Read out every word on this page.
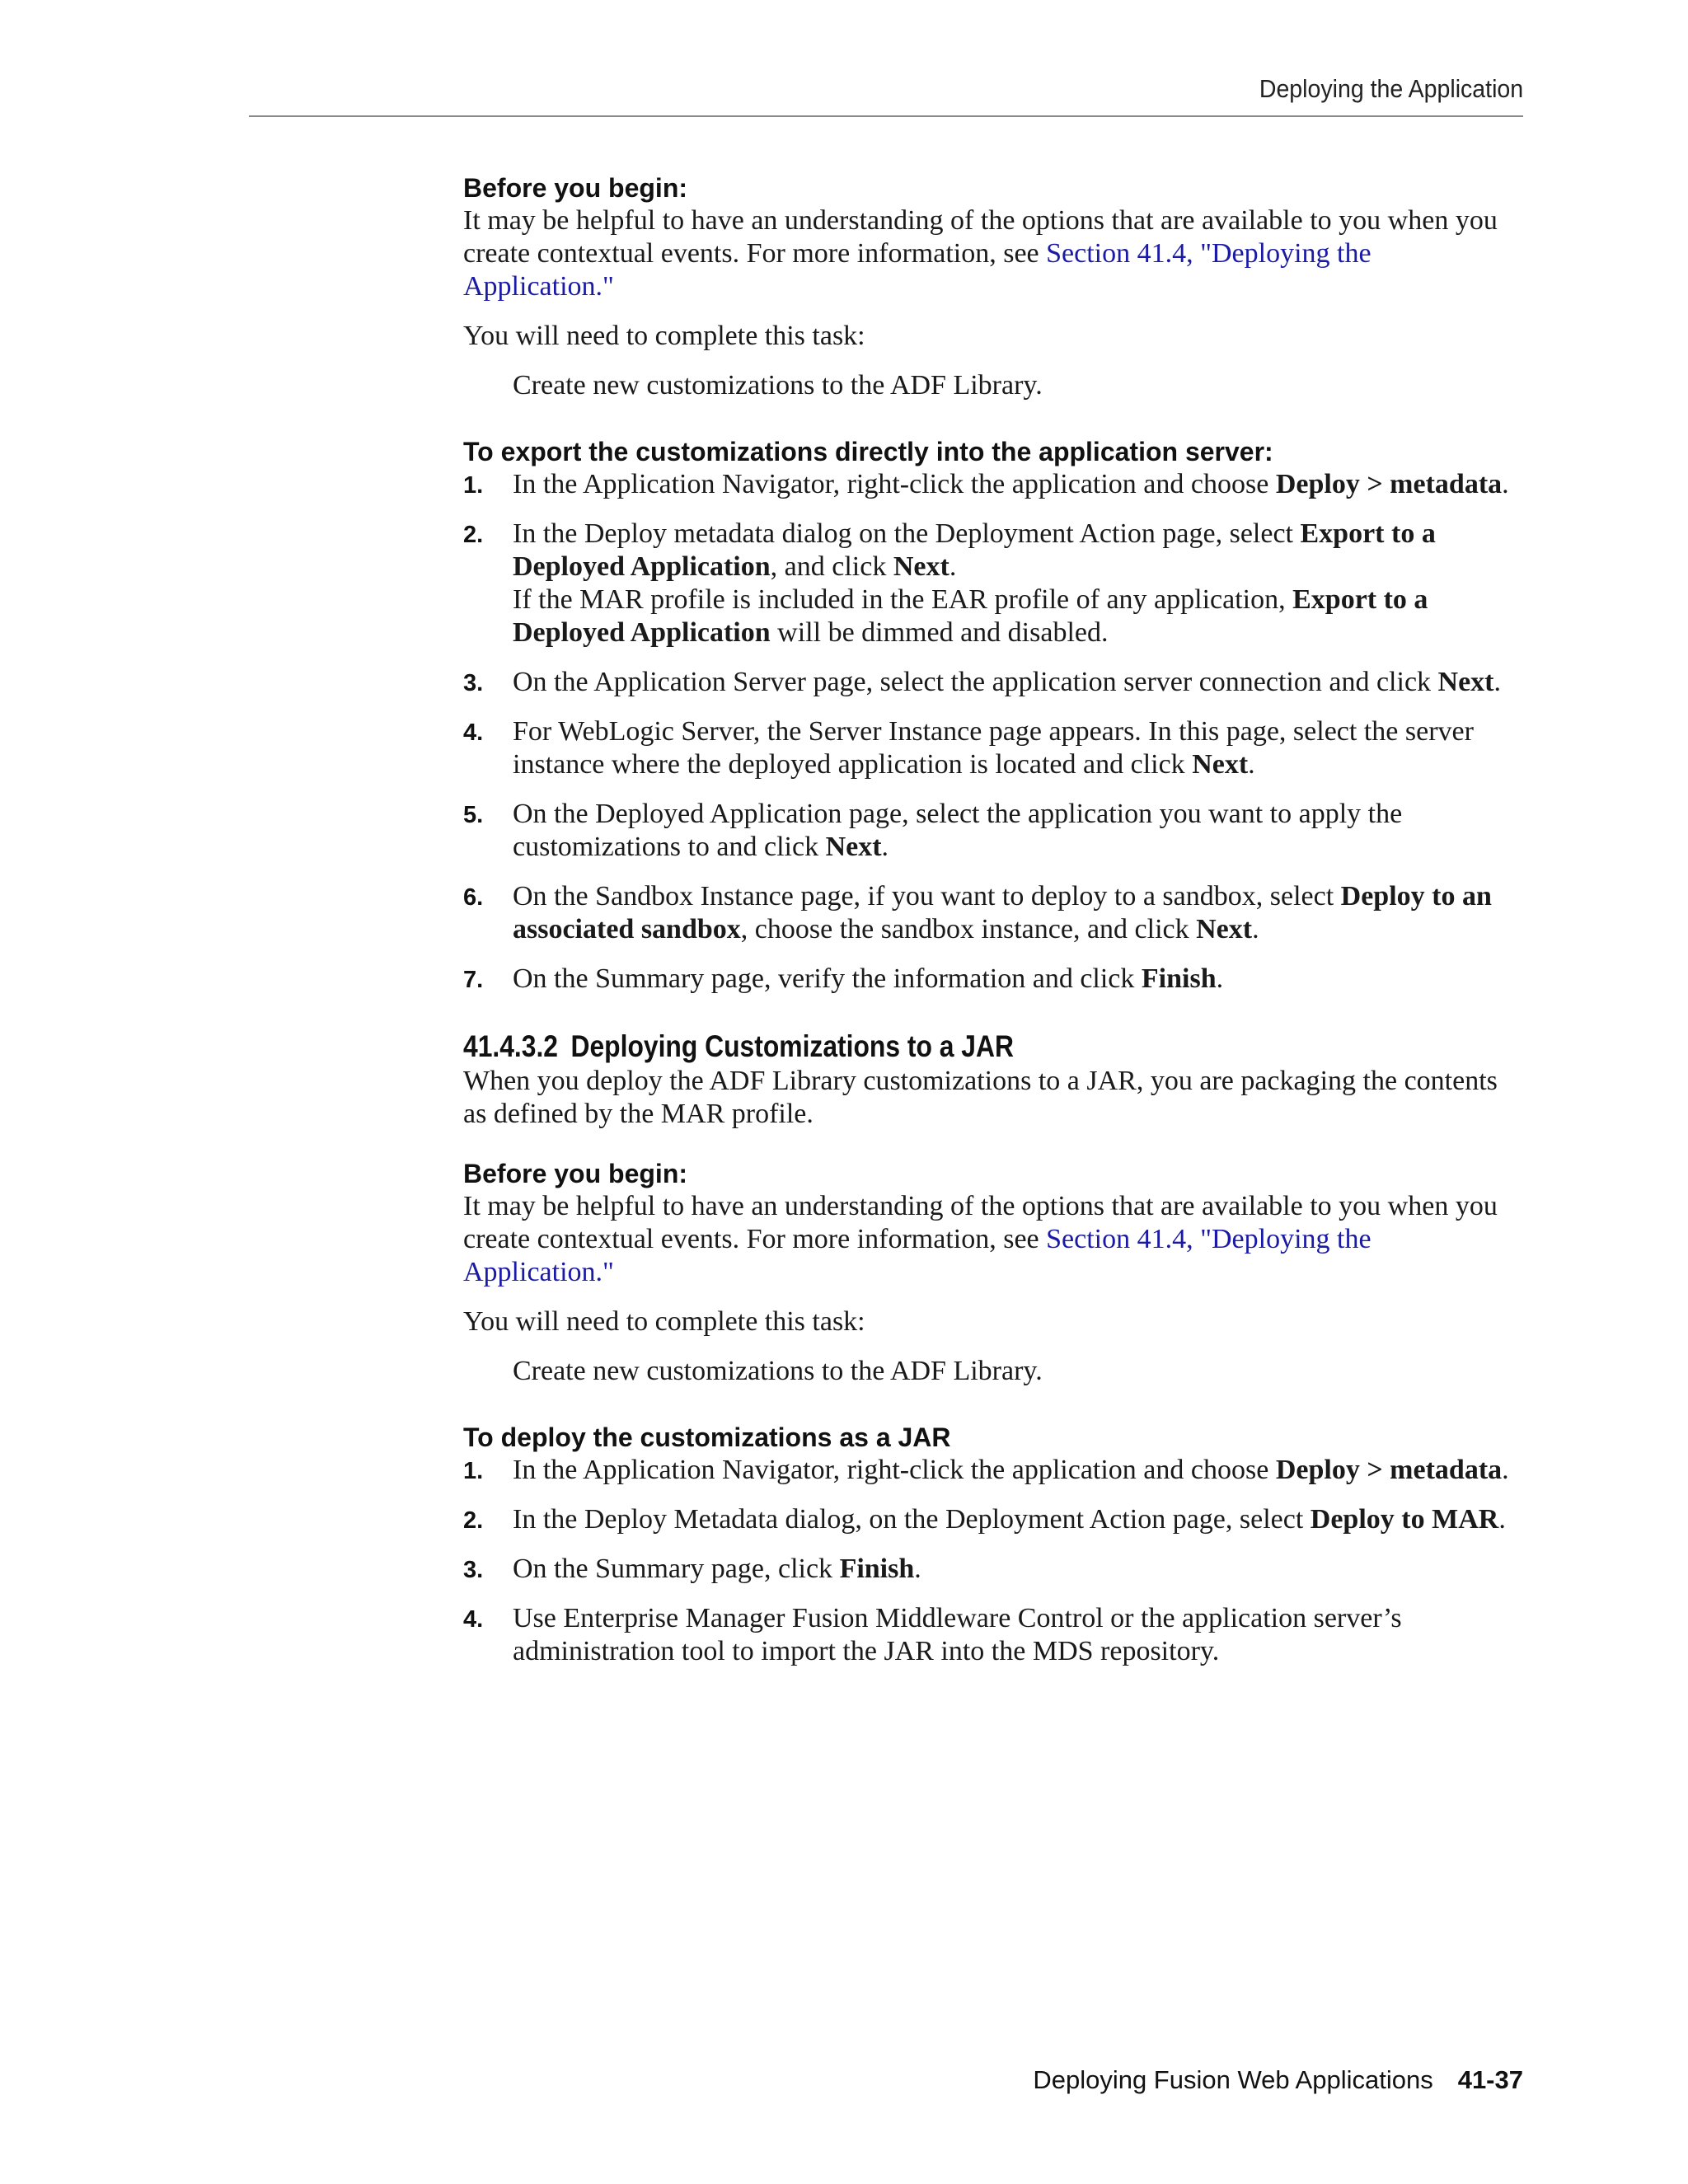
Deploying the Application

Before you begin:

It may be helpful to have an understanding of the options that are available to you when you create contextual events. For more information, see Section 41.4, "Deploying the Application."

You will need to complete this task:

Create new customizations to the ADF Library.

To export the customizations directly into the application server:

1. In the Application Navigator, right-click the application and choose Deploy > metadata.
2. In the Deploy metadata dialog on the Deployment Action page, select Export to a Deployed Application, and click Next.

If the MAR profile is included in the EAR profile of any application, Export to a Deployed Application will be dimmed and disabled.

3. On the Application Server page, select the application server connection and click Next.
4. For WebLogic Server, the Server Instance page appears. In this page, select the server instance where the deployed application is located and click Next.
5. On the Deployed Application page, select the application you want to apply the customizations to and click Next.
6. On the Sandbox Instance page, if you want to deploy to a sandbox, select Deploy to an associated sandbox, choose the sandbox instance, and click Next.
7. On the Summary page, verify the information and click Finish.

41.4.3.2 Deploying Customizations to a JAR

When you deploy the ADF Library customizations to a JAR, you are packaging the contents as defined by the MAR profile.

Before you begin:

It may be helpful to have an understanding of the options that are available to you when you create contextual events. For more information, see Section 41.4, "Deploying the Application."

You will need to complete this task:

Create new customizations to the ADF Library.

To deploy the customizations as a JAR

1. In the Application Navigator, right-click the application and choose Deploy > metadata.
2. In the Deploy Metadata dialog, on the Deployment Action page, select Deploy to MAR.
3. On the Summary page, click Finish.
4. Use Enterprise Manager Fusion Middleware Control or the application server’s administration tool to import the JAR into the MDS repository.
Deploying Fusion Web Applications 41-37
